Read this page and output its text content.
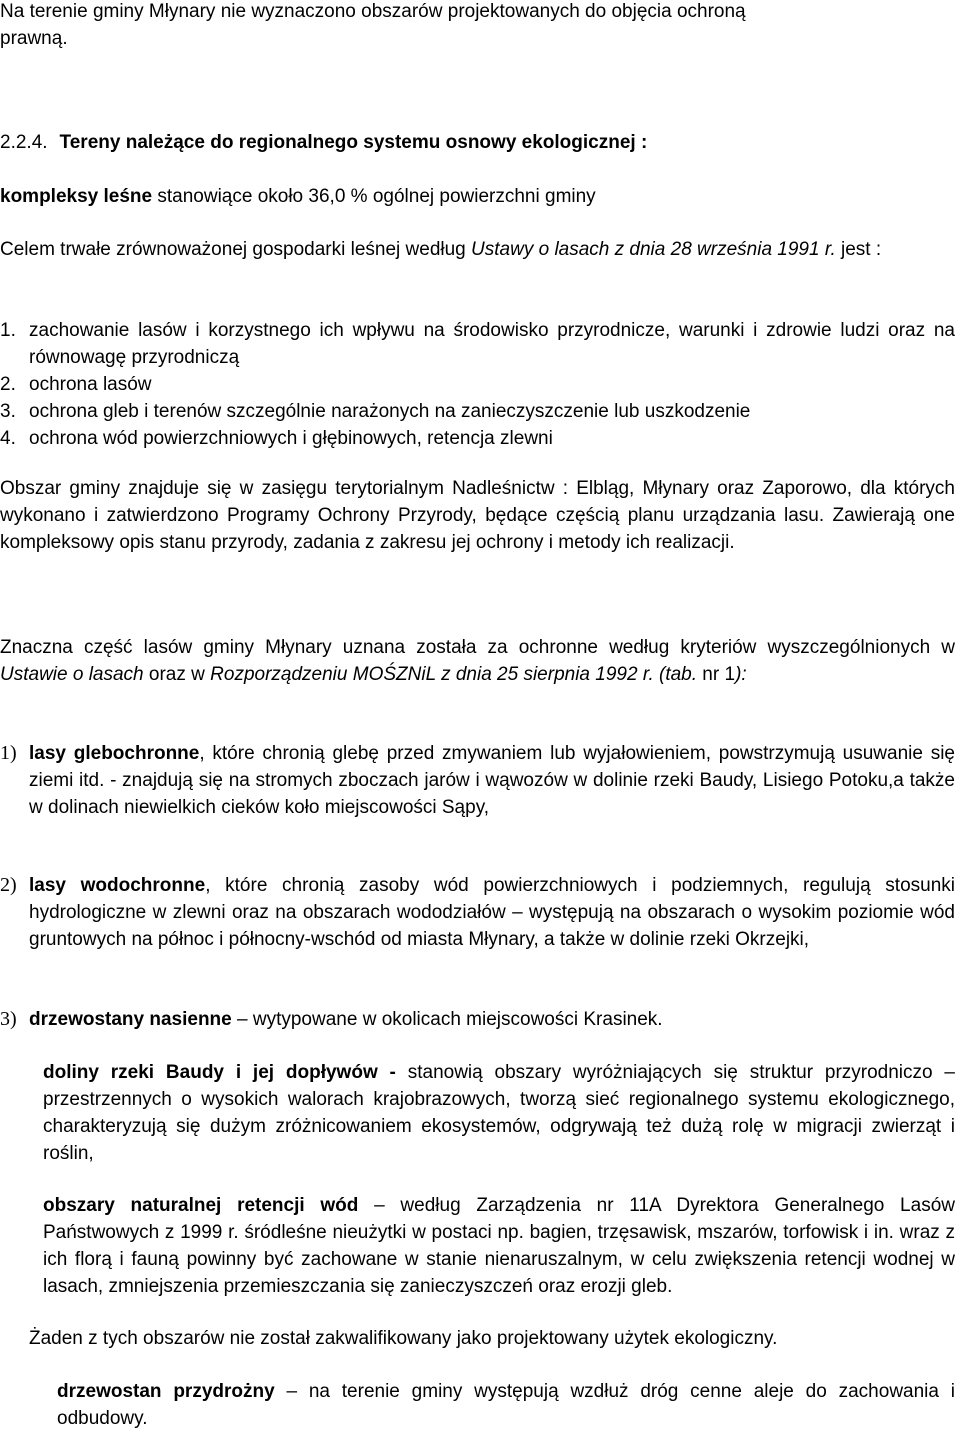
Na terenie gminy Młynary nie wyznaczono obszarów projektowanych do objęcia ochroną
prawną.

2.2.4. Tereny należące do regionalnego systemu osnowy ekologicznej :

kompleksy leśne stanowiące około 36,0 % ogólnej powierzchni gminy

Celem trwałe zrównoważonej gospodarki leśnej według Ustawy o lasach z dnia 28 września 1991 r. jest :

1. zachowanie lasów i korzystnego ich wpływu na środowisko przyrodnicze, warunki i zdrowie ludzi oraz na równowagę przyrodniczą
2. ochrona lasów
3. ochrona gleb i terenów szczególnie narażonych na zanieczyszczenie lub uszkodzenie
4. ochrona wód powierzchniowych i głębinowych, retencja zlewni

Obszar gminy znajduje się w zasięgu terytorialnym Nadleśnictw : Elbląg, Młynary oraz Zaporowo, dla których wykonano i zatwierdzono Programy Ochrony Przyrody, będące częścią planu urządzania lasu. Zawierają one kompleksowy opis stanu przyrody, zadania z zakresu jej ochrony i metody ich realizacji.

Znaczna część lasów gminy Młynary uznana została za ochronne według kryteriów wyszczególnionych w Ustawie o lasach oraz w Rozporządzeniu MOŚZNiL z dnia 25 sierpnia 1992 r. (tab. nr 1):

1) lasy glebochronne, które chronią glebę przed zmywaniem lub wyjałowieniem, powstrzymują usuwanie się ziemi itd. - znajdują się na stromych zboczach jarów i wąwozów w dolinie rzeki Baudy, Lisiego Potoku,a także w dolinach niewielkich cieków koło miejscowości Sąpy,
2) lasy wodochronne, które chronią zasoby wód powierzchniowych i podziemnych, regulują stosunki hydrologiczne w zlewni oraz na obszarach wododziałów – występują na obszarach o wysokim poziomie wód gruntowych na północ i północny-wschód od miasta Młynary, a także w dolinie rzeki Okrzejki,
3) drzewostany nasienne – wytypowane w okolicach miejscowości Krasinek.

doliny rzeki Baudy i jej dopływów - stanowią obszary wyróżniających się struktur przyrodniczo – przestrzennych o wysokich walorach krajobrazowych, tworzą sieć regionalnego systemu ekologicznego, charakteryzują się dużym zróżnicowaniem ekosystemów, odgrywają też dużą rolę w migracji zwierząt i roślin,

obszary naturalnej retencji wód – według Zarządzenia nr 11A Dyrektora Generalnego Lasów Państwowych z 1999 r. śródleśne nieużytki w postaci np. bagien, trzęsawisk, mszarów, torfowisk i in. wraz z ich florą i fauną powinny być zachowane w stanie nienaruszalnym, w celu zwiększenia retencji wodnej w lasach, zmniejszenia przemieszczania się zanieczyszczeń oraz erozji gleb.

Żaden z tych obszarów nie został zakwalifikowany jako projektowany użytek ekologiczny.

drzewostan przydrożny – na terenie gminy występują wzdłuż dróg cenne aleje do zachowania i odbudowy.
